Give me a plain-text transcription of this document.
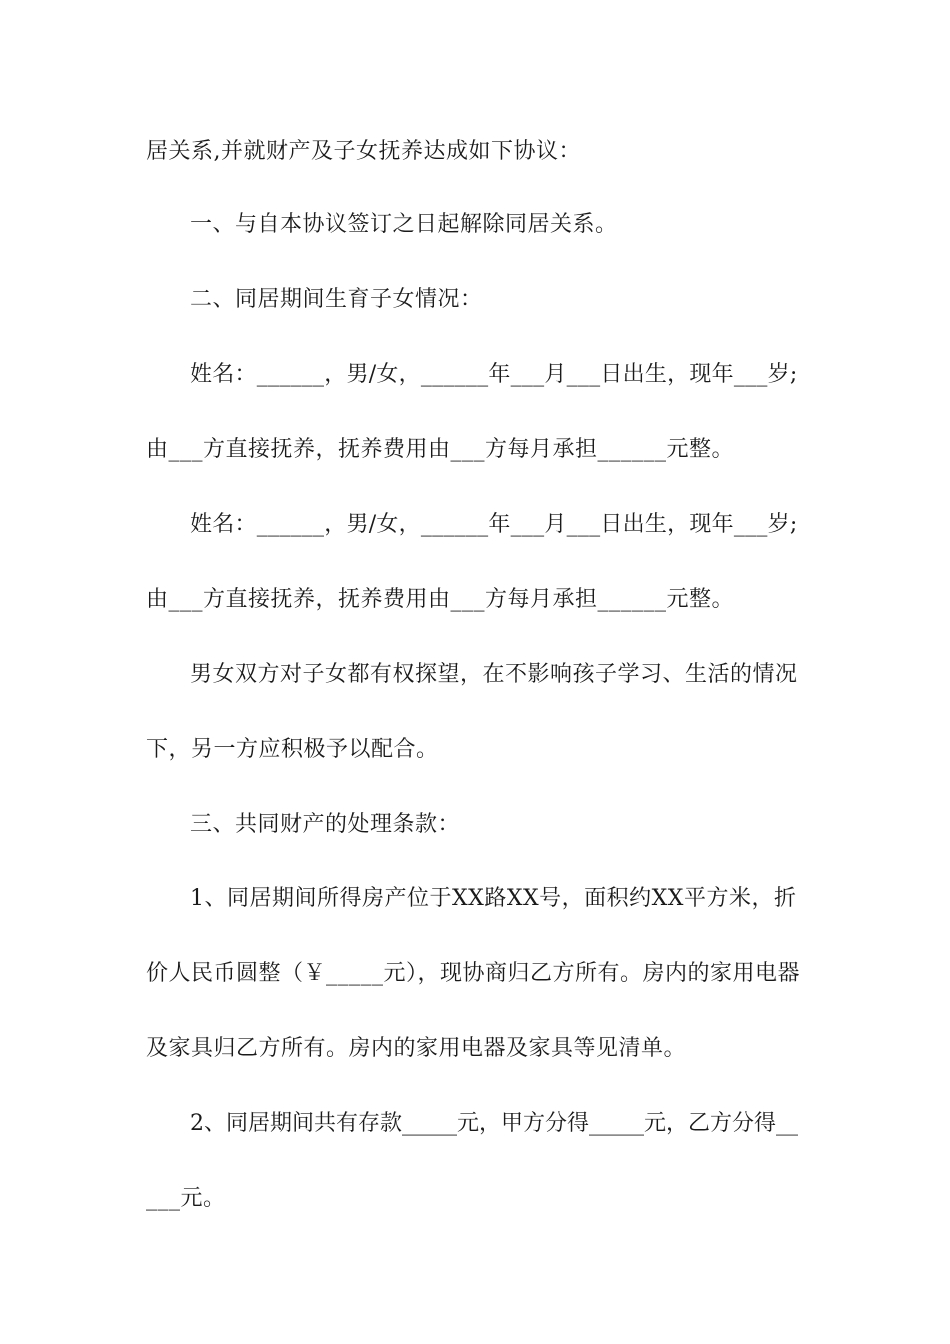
居关系,并就财产及子女抚养达成如下协议：
一、与自本协议签订之日起解除同居关系。
二、同居期间生育子女情况：
姓名：______，男/女，______年___月___日出生，现年___岁;
由___方直接抚养，抚养费用由___方每月承担______元整。
姓名：______，男/女，______年___月___日出生，现年___岁;
由___方直接抚养，抚养费用由___方每月承担______元整。
男女双方对子女都有权探望，在不影响孩子学习、生活的情况
下，另一方应积极予以配合。
三、共同财产的处理条款：
1、同居期间所得房产位于XX路XX号，面积约XX平方米，折
价人民币圆整（￥_____元），现协商归乙方所有。房内的家用电器
及家具归乙方所有。房内的家用电器及家具等见清单。
2、同居期间共有存款_____元，甲方分得_____元，乙方分得__
___元。
